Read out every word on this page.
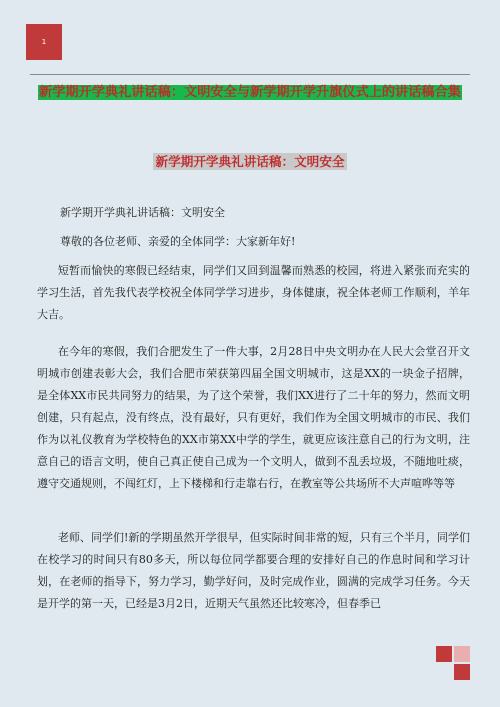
1
新学期开学典礼讲话稿：文明安全与新学期开学升旗仪式上的讲话稿合集
新学期开学典礼讲话稿：文明安全

新学期开学典礼讲话稿：文明安全

尊敬的各位老师、亲爱的全体同学：大家新年好!

短暂而愉快的寒假已经结束，同学们又回到温馨而熟悉的校园，将进入紧张而充实的学习生活，首先我代表学校祝全体同学学习进步，身体健康，祝全体老师工作顺利，羊年大吉。

在今年的寒假，我们合肥发生了一件大事，2月28日中央文明办在人民大会堂召开文明城市创建表彰大会，我们合肥市荣获第四届全国文明城市，这是XX的一块金子招牌，是全体XX市民共同努力的结果，为了这个荣誉，我们XX进行了二十年的努力，然而文明创建，只有起点，没有终点，没有最好，只有更好，我们作为全国文明城市的市民、我们作为以礼仪教育为学校特色的XX市第XX中学的学生，就更应该注意自己的行为文明，注意自己的语言文明，使自己真正使自己成为一个文明人，做到不乱丢垃圾，不随地吐痰，遵守交通规则，不闯红灯，上下楼梯和行走靠右行，在教室等公共场所不大声喧哗等等

老师、同学们!新的学期虽然开学很早，但实际时间非常的短，只有三个半月，同学们在校学习的时间只有80多天，所以每位同学都要合理的安排好自己的作息时间和学习计划，在老师的指导下，努力学习，勤学好问，及时完成作业，圆满的完成学习任务。今天是开学的第一天，已经是3月2日，近期天气虽然还比较寒冷，但春季已
